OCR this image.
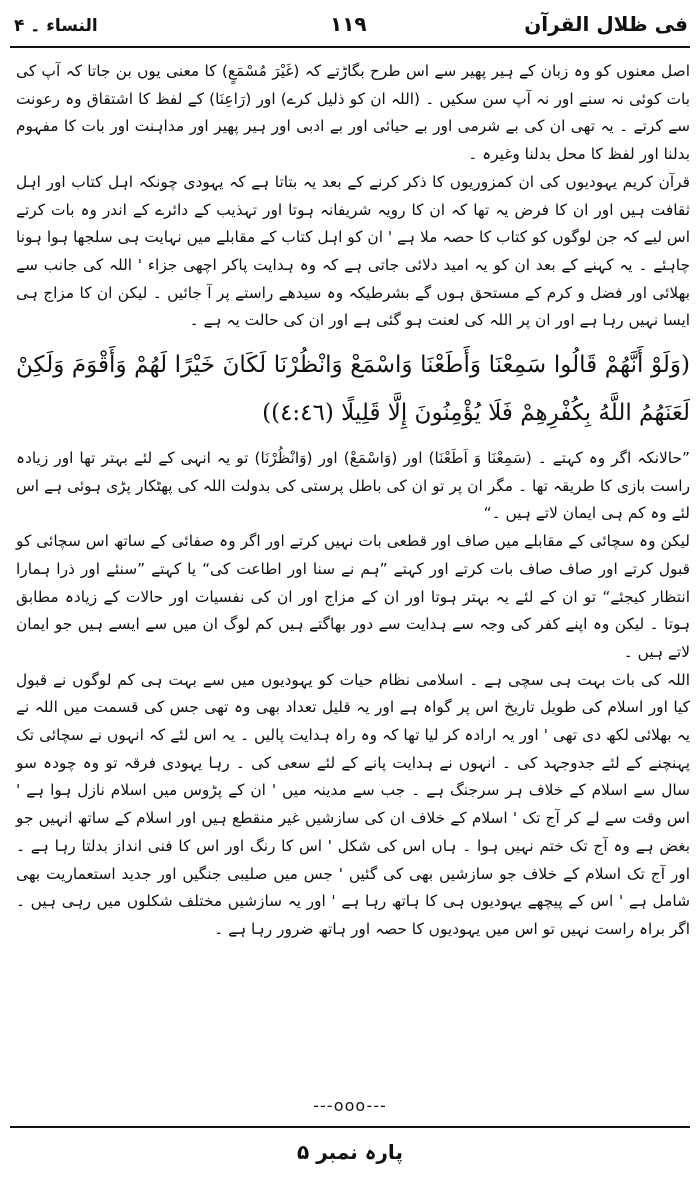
فی ظلال القرآن
۱۱۹
النساء ۔ ۴

اصل معنوں کو وہ زبان کے ہیر پھیر سے اس طرح بگاڑتے کہ (غَیْرَ مُسْمَعٍ) کا معنی یوں بن جاتا کہ آپ کی بات کوئی نہ سنے اور نہ آپ سن سکیں ۔ (اللہ ان کو ذلیل کرے) اور (رَاعِنَا) کے لفظ کا اشتقاق وہ رعونت سے کرتے ۔ یہ تھی ان کی بے شرمی اور بے حیائی اور بے ادبی اور ہیر پھیر اور مداہنت اور بات کا مفہوم بدلنا اور لفظ کا محل بدلنا وغیرہ ۔

قرآن کریم یہودیوں کی ان کمزوریوں کا ذکر کرنے کے بعد یہ بتاتا ہے کہ یہودی چونکہ اہل کتاب اور اہل ثقافت ہیں اور ان کا فرض یہ تھا کہ ان کا رویہ شریفانہ ہوتا اور تہذیب کے دائرے کے اندر وہ بات کرتے اس لیے کہ جن لوگوں کو کتاب کا حصہ ملا ہے ' ان کو اہل کتاب کے مقابلے میں نہایت ہی سلجھا ہوا ہونا چاہئے ۔ یہ کہنے کے بعد ان کو یہ امید دلائی جاتی ہے کہ وہ ہدایت پاکر اچھی جزاء ' اللہ کی جانب سے بھلائی اور فضل و کرم کے مستحق ہوں گے بشرطیکہ وہ سیدھے راستے پر آ جائیں ۔ لیکن ان کا مزاج ہی ایسا نہیں رہا ہے اور ان پر اللہ کی لعنت ہو گئی ہے اور ان کی حالت یہ ہے ۔

(وَلَوْ أَنَّهُمْ قَالُوا سَمِعْنَا وَأَطَعْنَا وَاسْمَعْ وَانْظُرْنَا لَكَانَ خَيْرًا لَهُمْ وَأَقْوَمَ وَلَكِنْ لَعَنَهُمُ اللَّهُ بِكُفْرِهِمْ فَلَا يُؤْمِنُونَ إِلَّا قَلِيلًا (٤:٤٦))

”حالانکہ اگر وہ کہتے ۔ (سَمِعْنَا وَ اَطَعْنَا) اور (وَاسْمَعْ) اور (وَانْظُرْنَا) تو یہ انہی کے لئے بہتر تھا اور زیادہ راست بازی کا طریقہ تھا ۔ مگر ان پر تو ان کی باطل پرستی کی بدولت اللہ کی پھٹکار پڑی ہوئی ہے اس لئے وہ کم ہی ایمان لاتے ہیں ۔“

لیکن وہ سچائی کے مقابلے میں صاف اور قطعی بات نہیں کرتے اور اگر وہ صفائی کے ساتھ اس سچائی کو قبول کرتے اور صاف صاف بات کرتے اور کہتے ”ہم نے سنا اور اطاعت کی“ یا کہتے ”سنئے اور ذرا ہمارا انتظار کیجئے“ تو ان کے لئے یہ بہتر ہوتا اور ان کے مزاج اور ان کی نفسیات اور حالات کے زیادہ مطابق ہوتا ۔ لیکن وہ اپنے کفر کی وجہ سے ہدایت سے دور بھاگتے ہیں کم لوگ ان میں سے ایسے ہیں جو ایمان لاتے ہیں ۔

اللہ کی بات بہت ہی سچی ہے ۔ اسلامی نظام حیات کو یہودیوں میں سے بہت ہی کم لوگوں نے قبول کیا اور اسلام کی طویل تاریخ اس پر گواہ ہے اور یہ قلیل تعداد بھی وہ تھی جس کی قسمت میں اللہ نے یہ بھلائی لکھ دی تھی ' اور یہ ارادہ کر لیا تھا کہ وہ راہ ہدایت پالیں ۔ یہ اس لئے کہ انہوں نے سچائی تک پہنچنے کے لئے جدوجہد کی ۔ انہوں نے ہدایت پانے کے لئے سعی کی ۔ رہا یہودی فرقہ تو وہ چودہ سو سال سے اسلام کے خلاف ہر سرجنگ ہے ۔ جب سے مدینہ میں ' ان کے پڑوس میں اسلام نازل ہوا ہے ' اس وقت سے لے کر آج تک ' اسلام کے خلاف ان کی سازشیں غیر منقطع ہیں اور اسلام کے ساتھ انہیں جو بغض ہے وہ آج تک ختم نہیں ہوا ۔ ہاں اس کی شکل ' اس کا رنگ اور اس کا فنی انداز بدلتا رہا ہے ۔ اور آج تک اسلام کے خلاف جو سازشیں بھی کی گئیں ' جس میں صلیبی جنگیں اور جدید استعماریت بھی شامل ہے ' اس کے پیچھے یہودیوں ہی کا ہاتھ رہا ہے ' اور یہ سازشیں مختلف شکلوں میں رہی ہیں ۔ اگر براہ راست نہیں تو اس میں یہودیوں کا حصہ اور ہاتھ ضرور رہا ہے ۔

---ooo---
پارہ نمبر ۵
